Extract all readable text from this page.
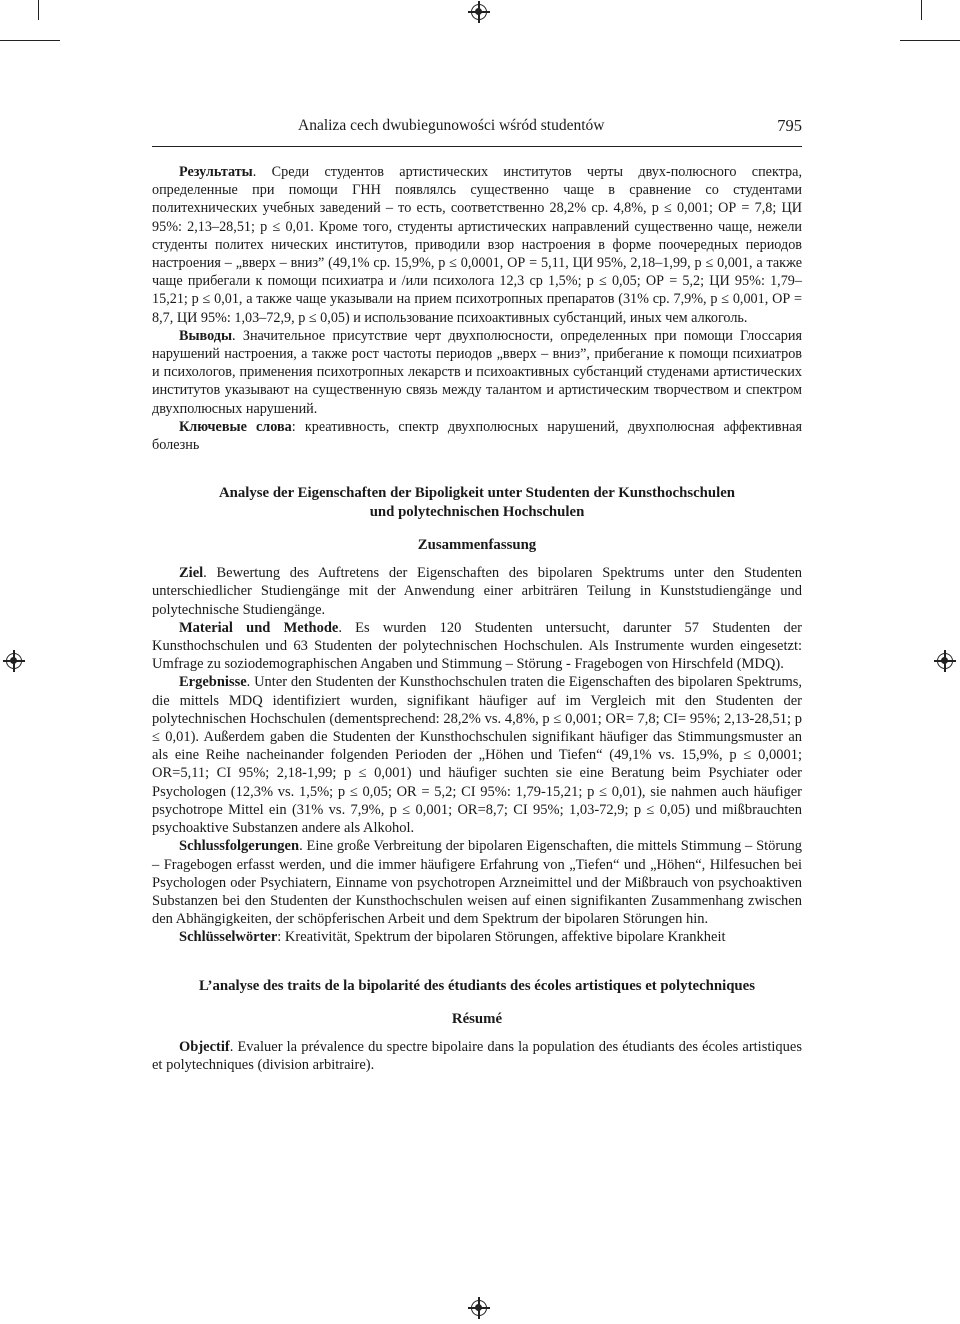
Analiza cech dwubiegunowości wśród studentów	795

Результаты. Среди студентов артистических институтов черты двух-полюсного спектра, определенные при помощи ГНН появлялсь существенно чаще в сравнение со студентами политехнических учебных заведений – то есть, соответственно 28,2% ср. 4,8%, p ≤ 0,001; ОР = 7,8; ЦИ 95%: 2,13–28,51; p ≤ 0,01. Кроме того, студенты артистических направлений существенно чаще, нежели студенты политех нических институтов, приводили взор настроения в форме поочередных периодов настроения – „вверх – вниз” (49,1% ср. 15,9%, p ≤ 0,0001, ОР = 5,11, ЦИ 95%, 2,18–1,99, p ≤ 0,001, а также чаще прибегали к помощи психиатра и /или психолога 12,3 ср 1,5%; p ≤ 0,05; ОР = 5,2; ЦИ 95%: 1,79–15,21; p ≤ 0,01, а также чаще указывали на прием психотропных препаратов (31% ср. 7,9%, p ≤ 0,001, ОР = 8,7, ЦИ 95%: 1,03–72,9, p ≤ 0,05) и использование психоактивных субстанций, иных чем алкоголь.

Выводы. Значительное присутствие черт двухполюсности, определенных при помощи Глоссария нарушений настроения, а также рост частоты периодов „вверх – вниз”, прибегание к помощи психиатров и психологов, применения психотропных лекарств и психоактивных субстанций студенами артистических институтов указывают на существенную связь между талантом и артистическим творчеством и спектром двухполюсных нарушений.

Ключевые слова: креативность, спектр двухполюсных нарушений, двухполюсная аффективная болезнь

Analyse der Eigenschaften der Bipoligkeit unter Studenten der Kunsthochschulen
und polytechnischen Hochschulen

Zusammenfassung

Ziel. Bewertung des Auftretens der Eigenschaften des bipolaren Spektrums unter den Studenten unterschiedlicher Studiengänge mit der Anwendung einer arbiträren Teilung in Kunststudiengänge und polytechnische Studiengänge.

Material und Methode. Es wurden 120 Studenten untersucht, darunter 57 Studenten der Kunsthochschulen und 63 Studenten der polytechnischen Hochschulen. Als Instrumente wurden eingesetzt: Umfrage zu soziodemographischen Angaben und Stimmung – Störung - Fragebogen von Hirschfeld (MDQ).

Ergebnisse. Unter den Studenten der Kunsthochschulen traten die Eigenschaften des bipolaren Spektrums, die mittels MDQ identifiziert wurden, signifikant häufiger auf im Vergleich mit den Studenten der polytechnischen Hochschulen (dementsprechend: 28,2% vs. 4,8%, p ≤ 0,001; OR= 7,8; CI= 95%; 2,13-28,51; p ≤ 0,01). Außerdem gaben die Studenten der Kunsthochschulen signifikant häufiger das Stimmungsmuster an als eine Reihe nacheinander folgenden Perioden der „Höhen und Tiefen“ (49,1% vs. 15,9%, p ≤ 0,0001; OR=5,11; CI 95%; 2,18-1,99; p ≤ 0,001) und häufiger suchten sie eine Beratung beim Psychiater oder Psychologen (12,3% vs. 1,5%; p ≤ 0,05; OR = 5,2; CI 95%: 1,79-15,21; p ≤ 0,01), sie nahmen auch häufiger psychotrope Mittel ein (31% vs. 7,9%, p ≤ 0,001; OR=8,7; CI 95%; 1,03-72,9; p ≤ 0,05) und mißbrauchten psychoaktive Substanzen andere als Alkohol.

Schlussfolgerungen. Eine große Verbreitung der bipolaren Eigenschaften, die mittels Stimmung – Störung – Fragebogen erfasst werden, und die immer häufigere Erfahrung von „Tiefen“ und „Höhen“, Hilfesuchen bei Psychologen oder Psychiatern, Einname von psychotropen Arzneimittel und der Mißbrauch von psychoaktiven Substanzen bei den Studenten der Kunsthochschulen weisen auf einen signifikanten Zusammenhang zwischen den Abhängigkeiten, der schöpferischen Arbeit und dem Spektrum der bipolaren Störungen hin.

Schlüsselwörter: Kreativität, Spektrum der bipolaren Störungen, affektive bipolare Krankheit

L’analyse des traits de la bipolarité des étudiants des écoles artistiques et polytechniques

Résumé

Objectif. Evaluer la prévalence du spectre bipolaire dans la population des étudiants des écoles artistiques et polytechniques (division arbitraire).
